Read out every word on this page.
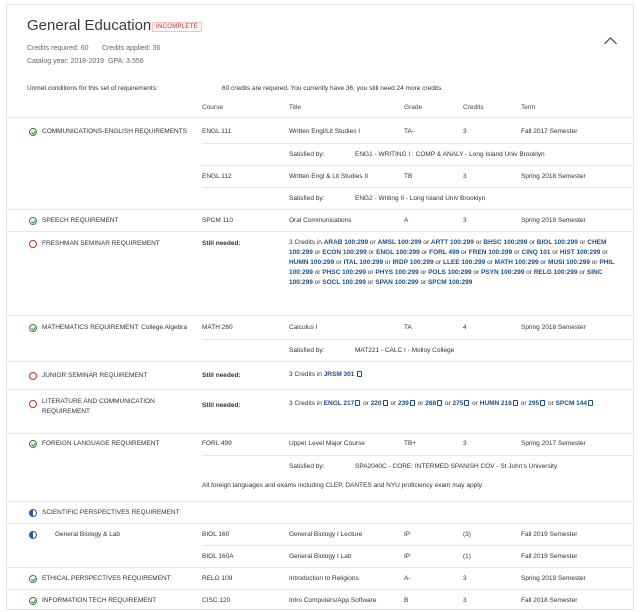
General Education INCOMPLETE
Credits required: 60 Credits applied: 36
Catalog year: 2018-2019 GPA: 3.556
Unmet conditions for this set of requirements:	60 credits are required. You currently have 36, you still need 24 more credits.
Course	Title	Grade	Credits	Term
COMMUNICATIONS-ENGLISH REQUIREMENTS ENGL 111	Written Engl/Lit Studies I	TA-	3	Fall 2017 Semester
Satisfied by:	ENG1 - WRITING I : COMP & ANALY - Long Island Univ Brooklyn
ENGL 112	Written Engl & Lit Studies II	TB	3	Spring 2018 Semester
Satisfied by:	ENG2 - Writing II - Long Island Univ Brooklyn
SPEECH REQUIREMENT	SPCM 110	Oral Communications	A	3	Spring 2019 Semester
FRESHMAN SEMINAR REQUIREMENT	Still needed:	3 Credits in ARAB 100:299 or AMSL 100:299 or ARTT 100:299 or BHSC 100:299 or BIOL 100:299 or CHEM 100:299 or ECON 100:299 or ENGL 100:299 or FORL 499 or FREN 100:299 or CINQ 101 or HIST 100:299 or HUMN 100:299 or ITAL 100:299 or IRDP 100:299 or LLEE 100:299 or MATH 100:299 or MUSI 100:299 or PHIL 100:299 or PHSC 100:299 or PHYS 100:299 or POLS 100:299 or PSYN 100:299 or RELG 100:299 or SINC 100:299 or SOCL 100:299 or SPAN 100:299 or SPCM 100:299
MATHEMATICS REQUIREMENT: College Algebra MATH 260	Calculus I	TA	4	Spring 2018 Semester
Satisfied by:	MAT221 - CALC I - Molloy College
JUNIOR SEMINAR REQUIREMENT	Still needed:	3 Credits in JRSM 301
LITERATURE AND COMMUNICATION
REQUIREMENT
Still needed:	3 Credits in ENGL 217 or 220 or 239 or 268 or 275 or HUMN 216 or 295 or SPCM 144
FOREIGN LANGUAGE REQUIREMENT	FORL 499	Upper Level Major Course	TB+	3	Spring 2017 Semester
Satisfied by:	SPA2040C - CORE: INTERMED SPANISH COV - St John's University
All foreign languages and exams including CLEP, DANTES and NYU proficiency exam may apply.
SCIENTIFIC PERSPECTIVES REQUIREMENT
General Biology & Lab	BIOL 160	General Biology I Lecture	IP	(3)	Fall 2019 Semester
BIOL 160A	General Biology I Lab	IP	(1)	Fall 2019 Semester
ETHICAL PERSPECTIVES REQUIREMENT	RELG 109	Introduction to Religions	A-	3	Spring 2019 Semester
INFORMATION TECH REQUIREMENT	CISC 120	Intro Computers/App Software	B	3	Fall 2018 Semester
